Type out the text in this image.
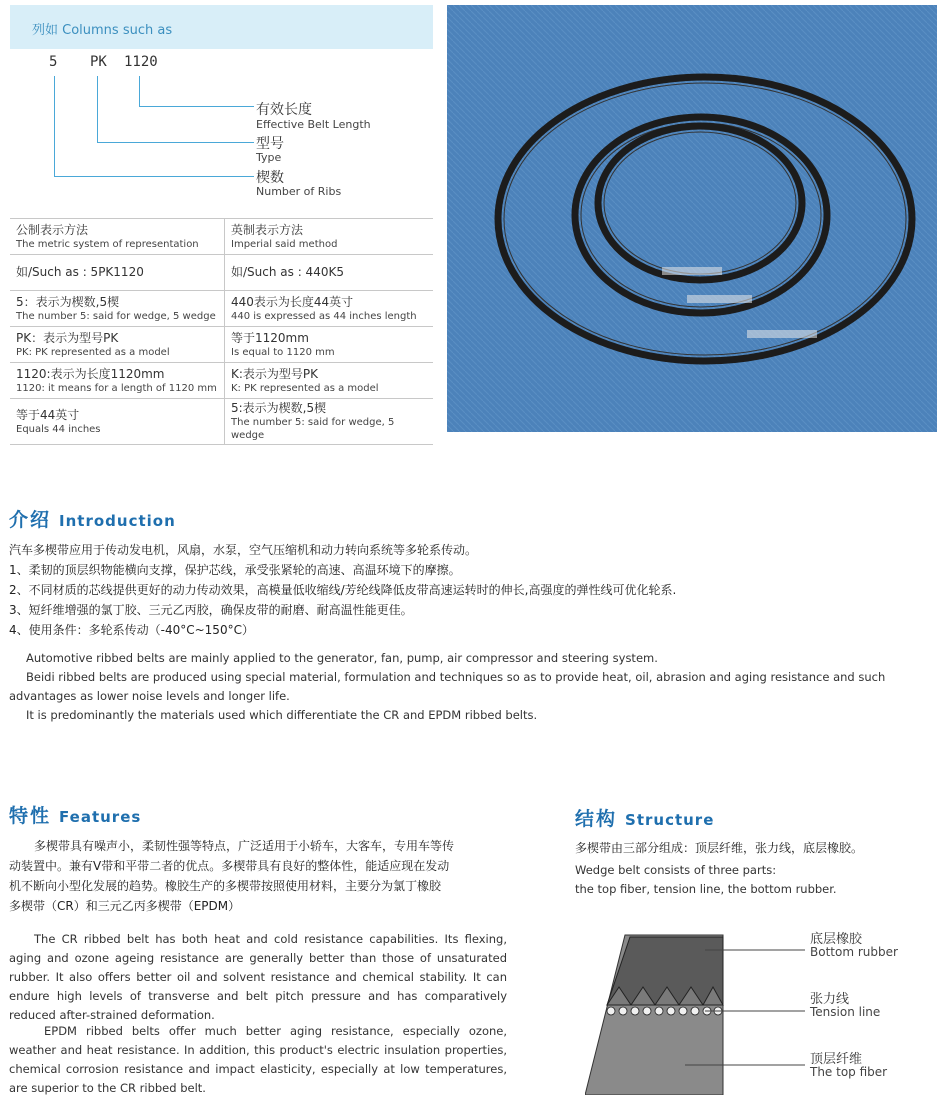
列如 Columns such as
5 PK 1120
有效长度
Effective Belt Length
型号
Type
楔数
Number of Ribs
公制表示方法
The metric system of representation	英制表示方法
Imperial said method

如/Such as : 5PK1120	如/Such as : 440K5

5：表示为楔数,5楔
The number 5: said for wedge, 5 wedge	440表示为长度44英寸
440 is expressed as 44 inches length

PK：表示为型号PK
PK: PK represented as a model	等于1120mm
Is equal to 1120 mm

1120:表示为长度1120mm
1120: it means for a length of 1120 mm	K:表示为型号PK
K: PK represented as a model

等于44英寸
Equals 44 inches	5:表示为楔数,5楔
The number 5: said for wedge, 5 wedge
介绍 Introduction
汽车多楔带应用于传动发电机，风扇，水泵，空气压缩机和动力转向系统等多轮系传动。
1、柔韧的顶层织物能横向支撑，保护芯线，承受张紧轮的高速、高温环境下的摩擦。
2、不同材质的芯线提供更好的动力传动效果，高模量低收缩线/芳纶线降低皮带高速运转时的伸长,高强度的弹性线可优化轮系.
3、短纤维增强的氯丁胶、三元乙丙胶，确保皮带的耐磨、耐高温性能更佳。
4、使用条件：多轮系传动（-40°C~150°C）
Automotive ribbed belts are mainly applied to the generator, fan, pump, air compressor and steering system.
Beidi ribbed belts are produced using special material, formulation and techniques so as to provide heat, oil, abrasion and aging resistance and such advantages as lower noise levels and longer life.
It is predominantly the materials used which differentiate the CR and EPDM ribbed belts.
特性 Features
多楔带具有噪声小，柔韧性强等特点，广泛适用于小轿车，大客车，专用车等传
动装置中。兼有V带和平带二者的优点。多楔带具有良好的整体性，能适应现在发动
机不断向小型化发展的趋势。橡胶生产的多楔带按照使用材料，主要分为氯丁橡胶
多楔带（CR）和三元乙丙多楔带（EPDM）
The CR ribbed belt has both heat and cold resistance capabilities. Its flexing, aging and ozone ageing resistance are generally better than those of unsaturated rubber. It also offers better oil and solvent resistance and chemical stability. It can endure high levels of transverse and belt pitch pressure and has comparatively reduced after-strained deformation.
EPDM ribbed belts offer much better aging resistance, especially ozone, weather and heat resistance. In addition, this product's electric insulation properties, chemical corrosion resistance and impact elasticity, especially at low temperatures, are superior to the CR ribbed belt.
结构 Structure
多楔带由三部分组成：顶层纤维，张力线，底层橡胶。
Wedge belt consists of three parts:
the top fiber, tension line, the bottom rubber.
底层橡胶
Bottom rubber
张力线
Tension line
顶层纤维
The top fiber
